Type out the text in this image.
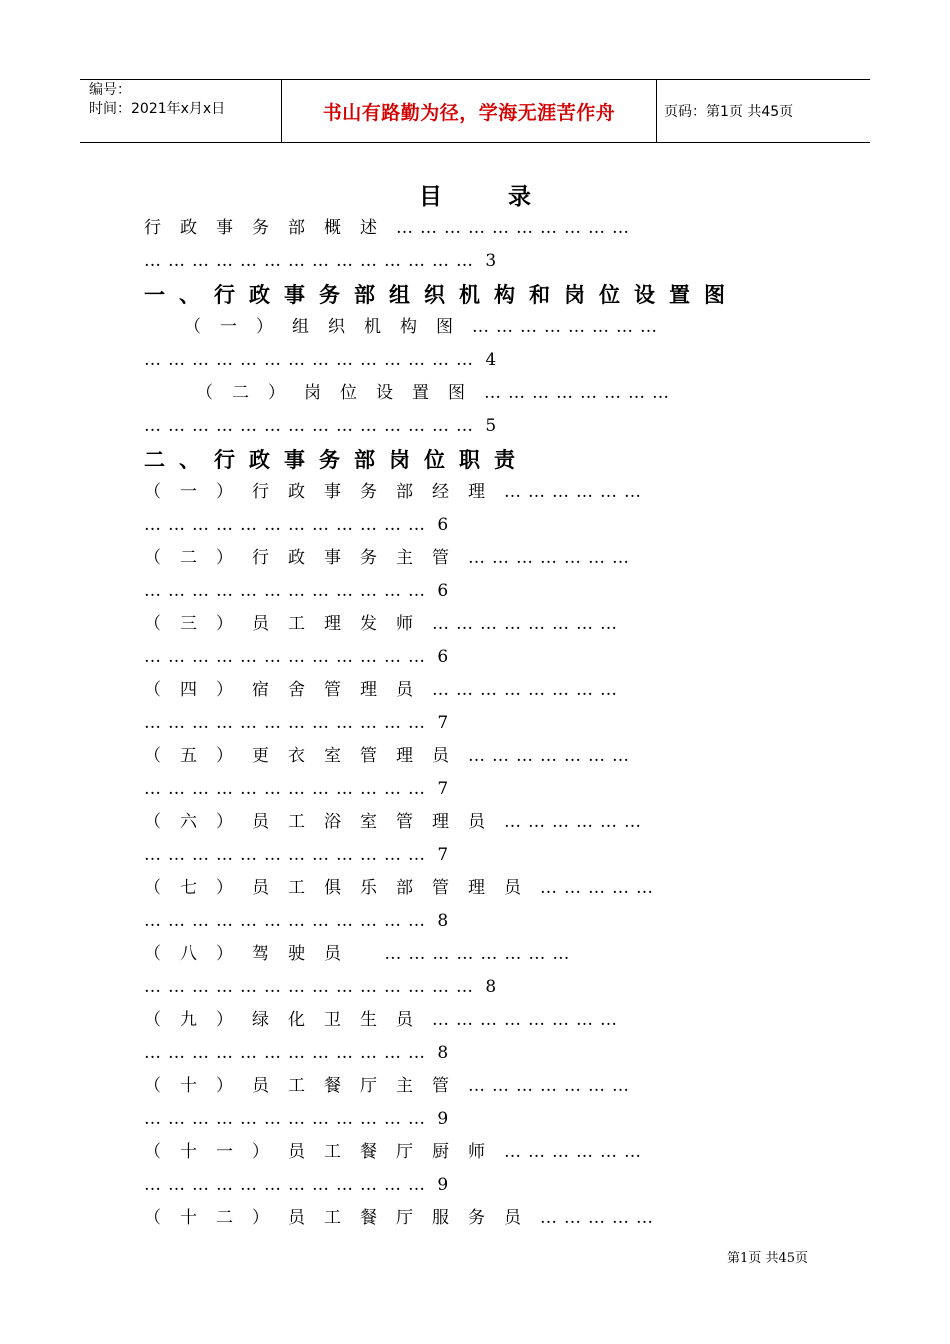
编号：
时间：2021年x月x日	书山有路勤为径，学海无涯苦作舟	页码：第1页 共45页
目录
行政事务部概述…………………………
…………………………………… 3
一、行政事务部组织机构和岗位设置图
（一）组织机构图……………………
…………………………………… 4
（二）岗位设置图……………………
…………………………………… 5
二、行政事务部岗位职责
（一）行政事务部经理………………
……………………………… 6
（二）行政事务主管…………………
……………………………… 6
（三）员工理发师……………………
……………………………… 6
（四）宿舍管理员……………………
……………………………… 7
（五）更衣室管理员…………………
……………………………… 7
（六）员工浴室管理员………………
……………………………… 7
（七）员工俱乐部管理员……………
……………………………… 8
（八）驾驶员 ……………………
…………………………………… 8
（九）绿化卫生员……………………
……………………………… 8
（十）员工餐厅主管…………………
……………………………… 9
（十一）员工餐厅厨师………………
……………………………… 9
（十二）员工餐厅服务员……………
第1页 共45页
